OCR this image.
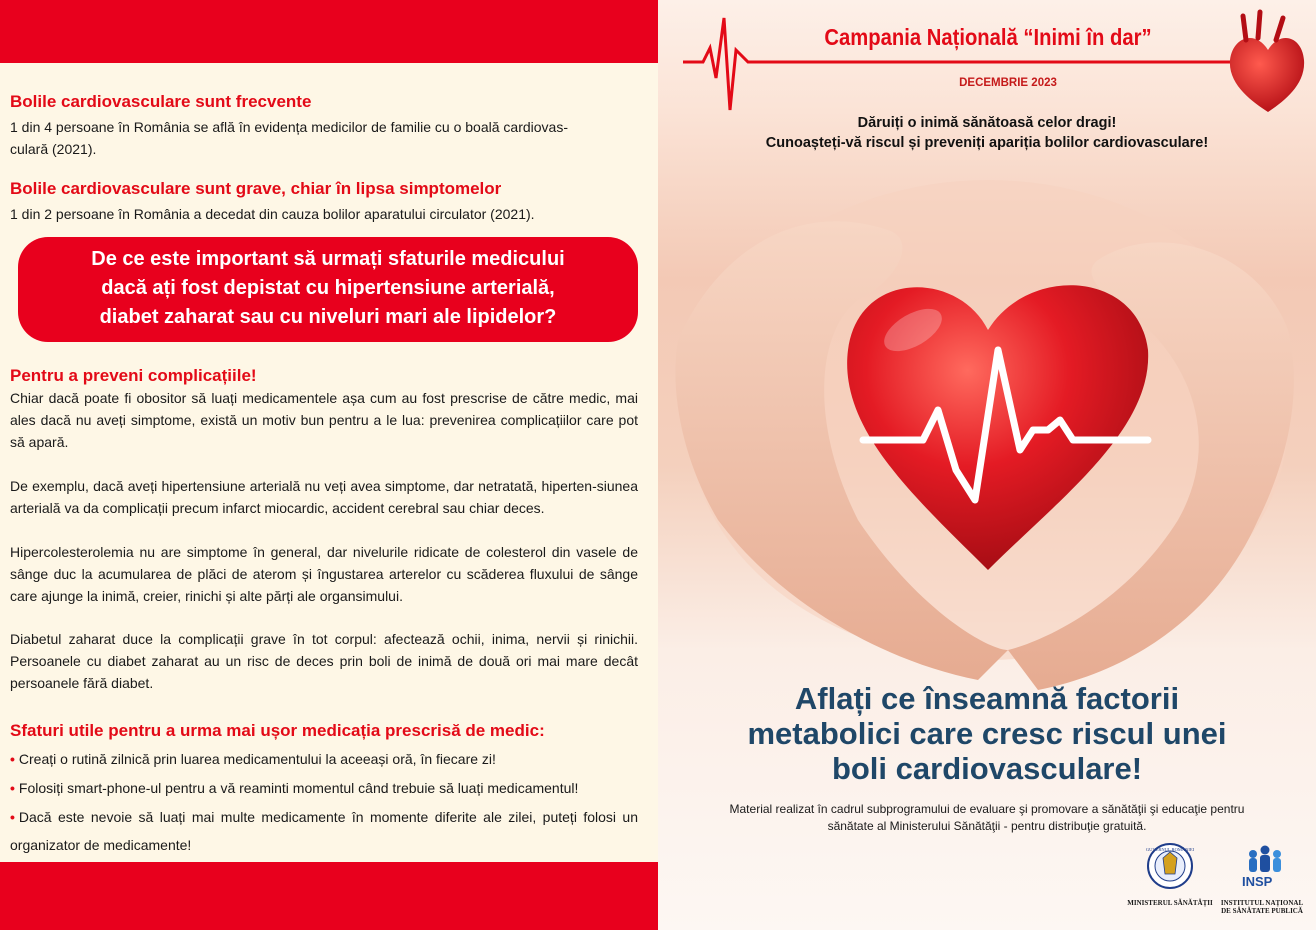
Bolile cardiovasculare sunt frecvente

1 din 4 persoane în România se află în evidența medicilor de familie cu o boală cardiovas-
culară (2021).

Bolile cardiovasculare sunt grave, chiar în lipsa simptomelor

1 din 2 persoane în România a decedat din cauza bolilor aparatului circulator (2021).

De ce este important să urmați sfaturile medicului
dacă ați fost depistat cu hipertensiune arterială,
diabet zaharat sau cu niveluri mari ale lipidelor?
Pentru a preveni complicațiile!

Chiar dacă poate fi obositor să luați medicamentele așa cum au fost prescrise de către medic, mai ales dacă nu aveți simptome, există un motiv bun pentru a le lua: prevenirea complicațiilor care pot să apară.

De exemplu, dacă aveți hipertensiune arterială nu veți avea simptome, dar netratată, hiperten-siunea arterială va da complicații precum infarct miocardic, accident cerebral sau chiar deces.

Hipercolesterolemia nu are simptome în general, dar nivelurile ridicate de colesterol din vasele de sânge duc la acumularea de plăci de aterom și îngustarea arterelor cu scăderea fluxului de sânge care ajunge la inimă, creier, rinichi și alte părți ale organsimului.

Diabetul zaharat duce la complicații grave în tot corpul: afectează ochii, inima, nervii și rinichii. Persoanele cu diabet zaharat au un risc de deces prin boli de inimă de două ori mai mare decât persoanele fără diabet.

Sfaturi utile pentru a urma mai ușor medicația prescrisă de medic:
• Creați o rutină zilnică prin luarea medicamentului la aceeași oră, în fiecare zi!
• Folosiți smart-phone-ul pentru a vă reaminti momentul când trebuie să luați medicamentul!
• Dacă este nevoie să luați mai multe medicamente în momente diferite ale zilei, puteți folosi un organizator de medicamente!	GUVERNUL ROMÂNIEI
Campania Națională “Inimi în dar”
DECEMBRIE 2023
Dăruiți o inimă sănătoasă celor dragi!
Cunoașteți-vă riscul și preveniți apariția bolilor cardiovasculare!
Aflați ce înseamnă factorii
metabolici care cresc riscul unei
boli cardiovasculare!
Material realizat în cadrul subprogramului de evaluare şi promovare a sănătăţii şi educaţie pentru
sănătate al Ministerului Sănătăţii - pentru distribuţie gratuită.
MINISTERUL SĂNĂTĂȚII
INSP
INSTITUTUL NAȚIONAL
DE SĂNĂTATE PUBLICĂ
